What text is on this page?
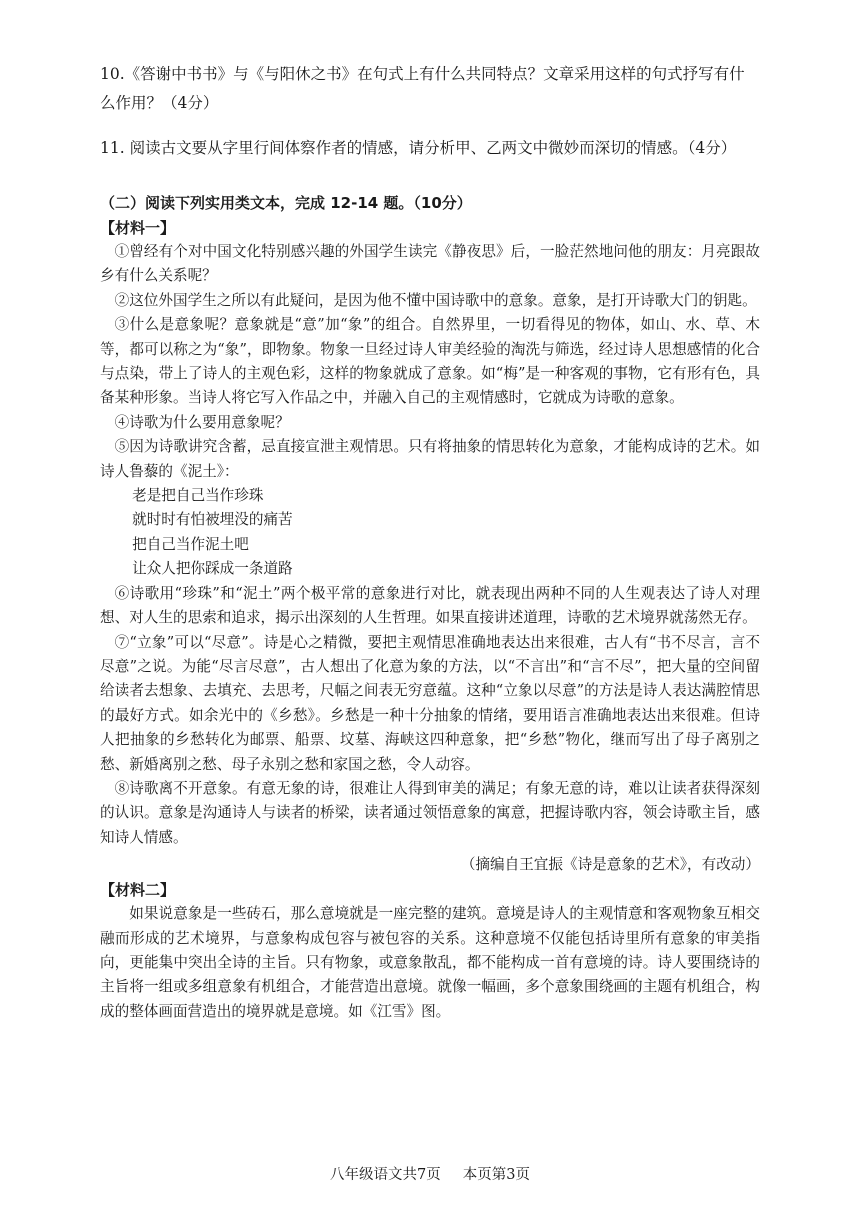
10.《答谢中书书》与《与阳休之书》在句式上有什么共同特点？文章采用这样的句式抒写有什么作用？（4分）

11. 阅读古文要从字里行间体察作者的情感，请分析甲、乙两文中微妙而深切的情感。（4分）

（二）阅读下列实用类文本，完成 12-14 题。（10分）

【材料一】

①曾经有个对中国文化特别感兴趣的外国学生读完《静夜思》后，一脸茫然地问他的朋友：月亮跟故乡有什么关系呢？

②这位外国学生之所以有此疑问，是因为他不懂中国诗歌中的意象。意象，是打开诗歌大门的钥匙。

③什么是意象呢？意象就是“意”加“象”的组合。自然界里，一切看得见的物体，如山、水、草、木等，都可以称之为“象”，即物象。物象一旦经过诗人审美经验的淘洗与筛选，经过诗人思想感情的化合与点染，带上了诗人的主观色彩，这样的物象就成了意象。如“梅”是一种客观的事物，它有形有色，具备某种形象。当诗人将它写入作品之中，并融入自己的主观情感时，它就成为诗歌的意象。

④诗歌为什么要用意象呢？

⑤因为诗歌讲究含蓄，忌直接宣泄主观情思。只有将抽象的情思转化为意象，才能构成诗的艺术。如诗人鲁藜的《泥土》：

老是把自己当作珍珠

就时时有怕被埋没的痛苦

把自己当作泥土吧

让众人把你踩成一条道路

⑥诗歌用“珍珠”和“泥土”两个极平常的意象进行对比，就表现出两种不同的人生观表达了诗人对理想、对人生的思索和追求，揭示出深刻的人生哲理。如果直接讲述道理，诗歌的艺术境界就荡然无存。

⑦“立象”可以“尽意”。诗是心之精微，要把主观情思准确地表达出来很难，古人有“书不尽言，言不尽意”之说。为能“尽言尽意”，古人想出了化意为象的方法，以“不言出”和“言不尽”，把大量的空间留给读者去想象、去填充、去思考，尺幅之间表无穷意蕴。这种“立象以尽意”的方法是诗人表达满腔情思的最好方式。如余光中的《乡愁》。乡愁是一种十分抽象的情绪，要用语言准确地表达出来很难。但诗人把抽象的乡愁转化为邮票、船票、坟墓、海峡这四种意象，把“乡愁”物化，继而写出了母子离别之愁、新婚离别之愁、母子永别之愁和家国之愁，令人动容。

⑧诗歌离不开意象。有意无象的诗，很难让人得到审美的满足；有象无意的诗，难以让读者获得深刻的认识。意象是沟通诗人与读者的桥梁，读者通过领悟意象的寓意，把握诗歌内容，领会诗歌主旨，感知诗人情感。

（摘编自王宜振《诗是意象的艺术》，有改动）

【材料二】

如果说意象是一些砖石，那么意境就是一座完整的建筑。意境是诗人的主观情意和客观物象互相交融而形成的艺术境界，与意象构成包容与被包容的关系。这种意境不仅能包括诗里所有意象的审美指向，更能集中突出全诗的主旨。只有物象，或意象散乱，都不能构成一首有意境的诗。诗人要围绕诗的主旨将一组或多组意象有机组合，才能营造出意境。就像一幅画，多个意象围绕画的主题有机组合，构成的整体画面营造出的境界就是意境。如《江雪》图。

八年级语文共7页 本页第3页
